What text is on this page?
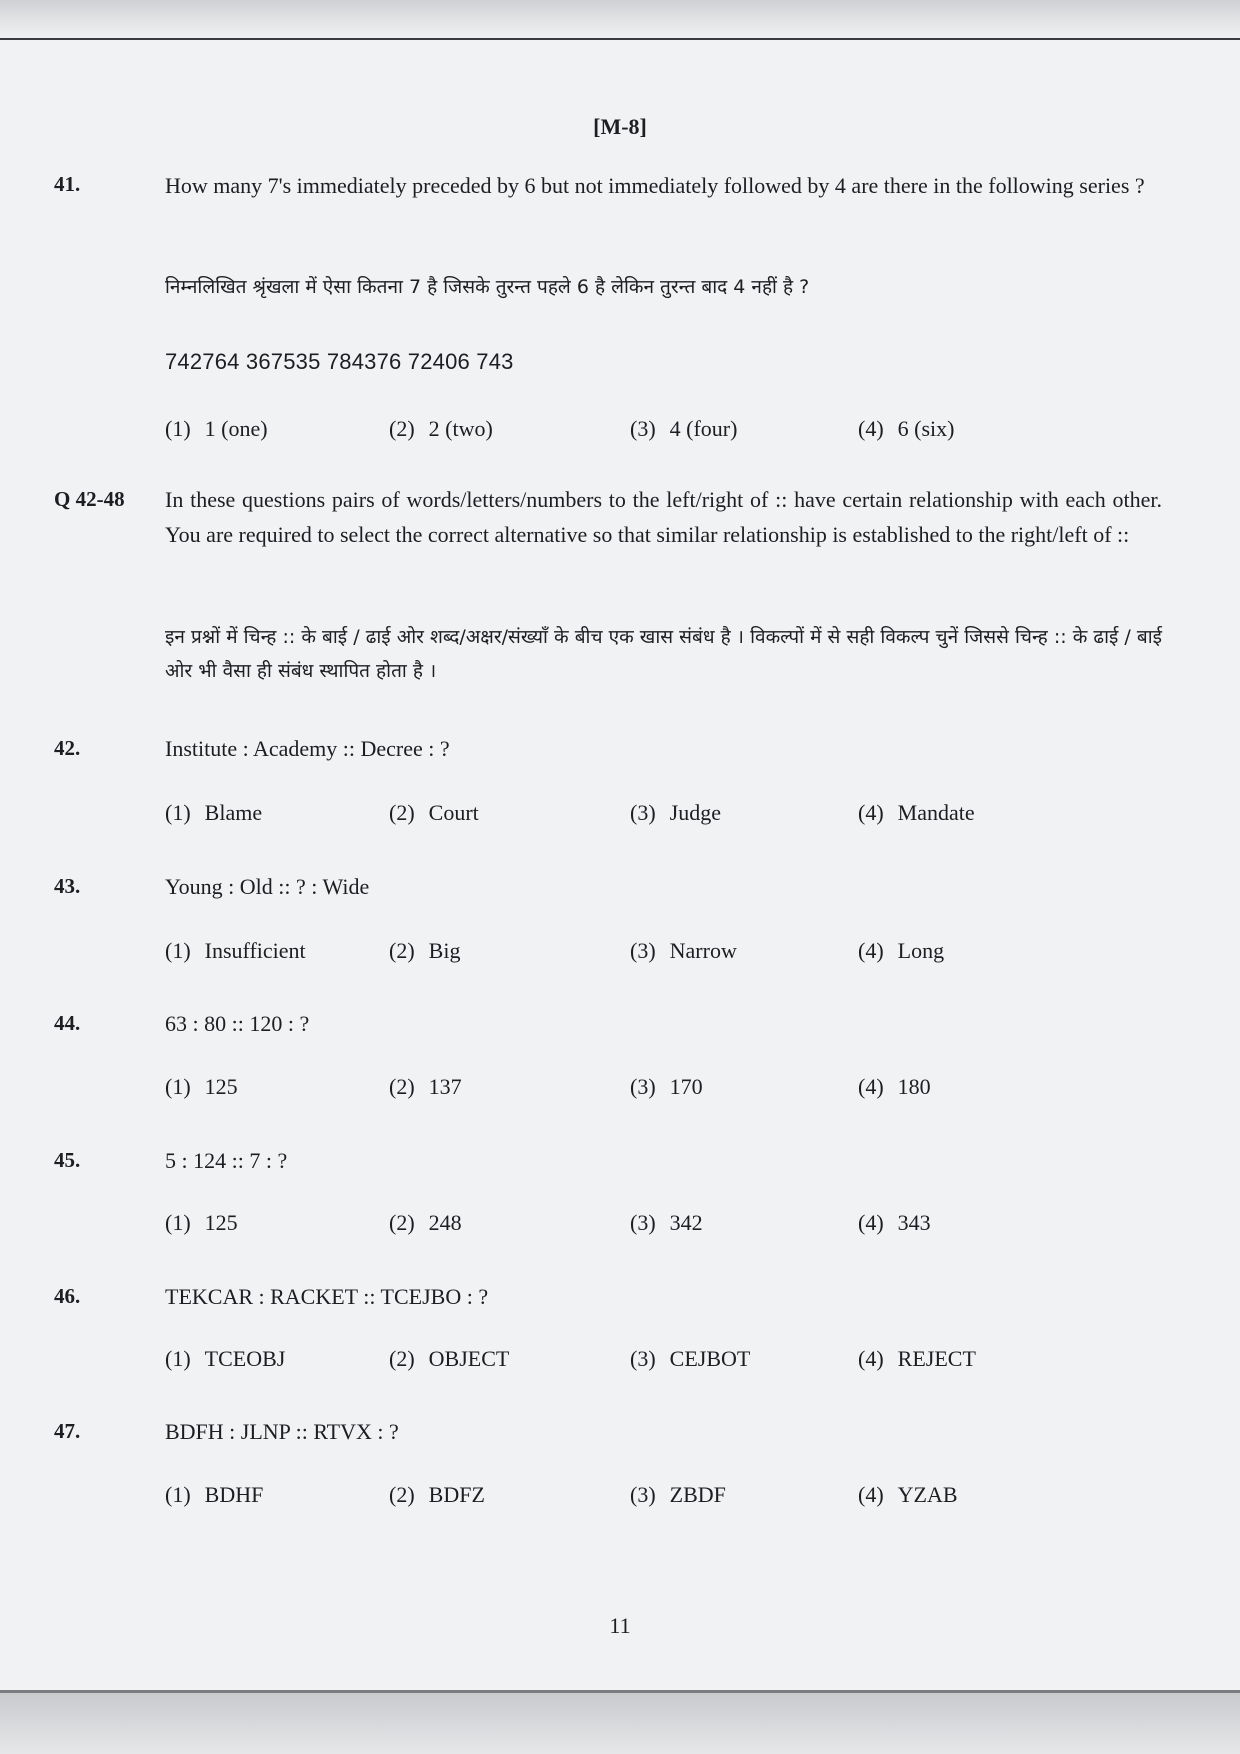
[M-8]
41.	How many 7's immediately preceded by 6 but not immediately followed by 4 are there in the following series ?
निम्नलिखित श्रृंखला में ऐसा कितना 7 है जिसके तुरन्त पहले 6 है लेकिन तुरन्त बाद 4 नहीं है ?
742764 367535 784376 72406 743
(1) 1 (one)	(2) 2 (two)	(3) 4 (four)	(4) 6 (six)
Q 42-48 In these questions pairs of words/letters/numbers to the left/right of :: have certain relationship with each other. You are required to select the correct alternative so that similar relationship is established to the right/left of ::
इन प्रश्नों में चिन्ह :: के बाई / ढाई ओर शब्द/अक्षर/संख्याँ के बीच एक खास संबंध है । विकल्पों में से सही विकल्प चुनें जिससे चिन्ह :: के ढाई / बाई ओर भी वैसा ही संबंध स्थापित होता है ।
42.	Institute : Academy :: Decree : ?
(1) Blame	(2) Court	(3) Judge	(4) Mandate
43.	Young : Old :: ? : Wide
(1) Insufficient	(2) Big	(3) Narrow	(4) Long
44.	63 : 80 :: 120 : ?
(1) 125	(2) 137	(3) 170	(4) 180
45.	5 : 124 :: 7 : ?
(1) 125	(2) 248	(3) 342	(4) 343
46.	TEKCAR : RACKET :: TCEJBO : ?
(1) TCEOBJ	(2) OBJECT	(3) CEJBOT	(4) REJECT
47.	BDFH : JLNP :: RTVX : ?
(1) BDHF	(2) BDFZ	(3) ZBDF	(4) YZAB
11
